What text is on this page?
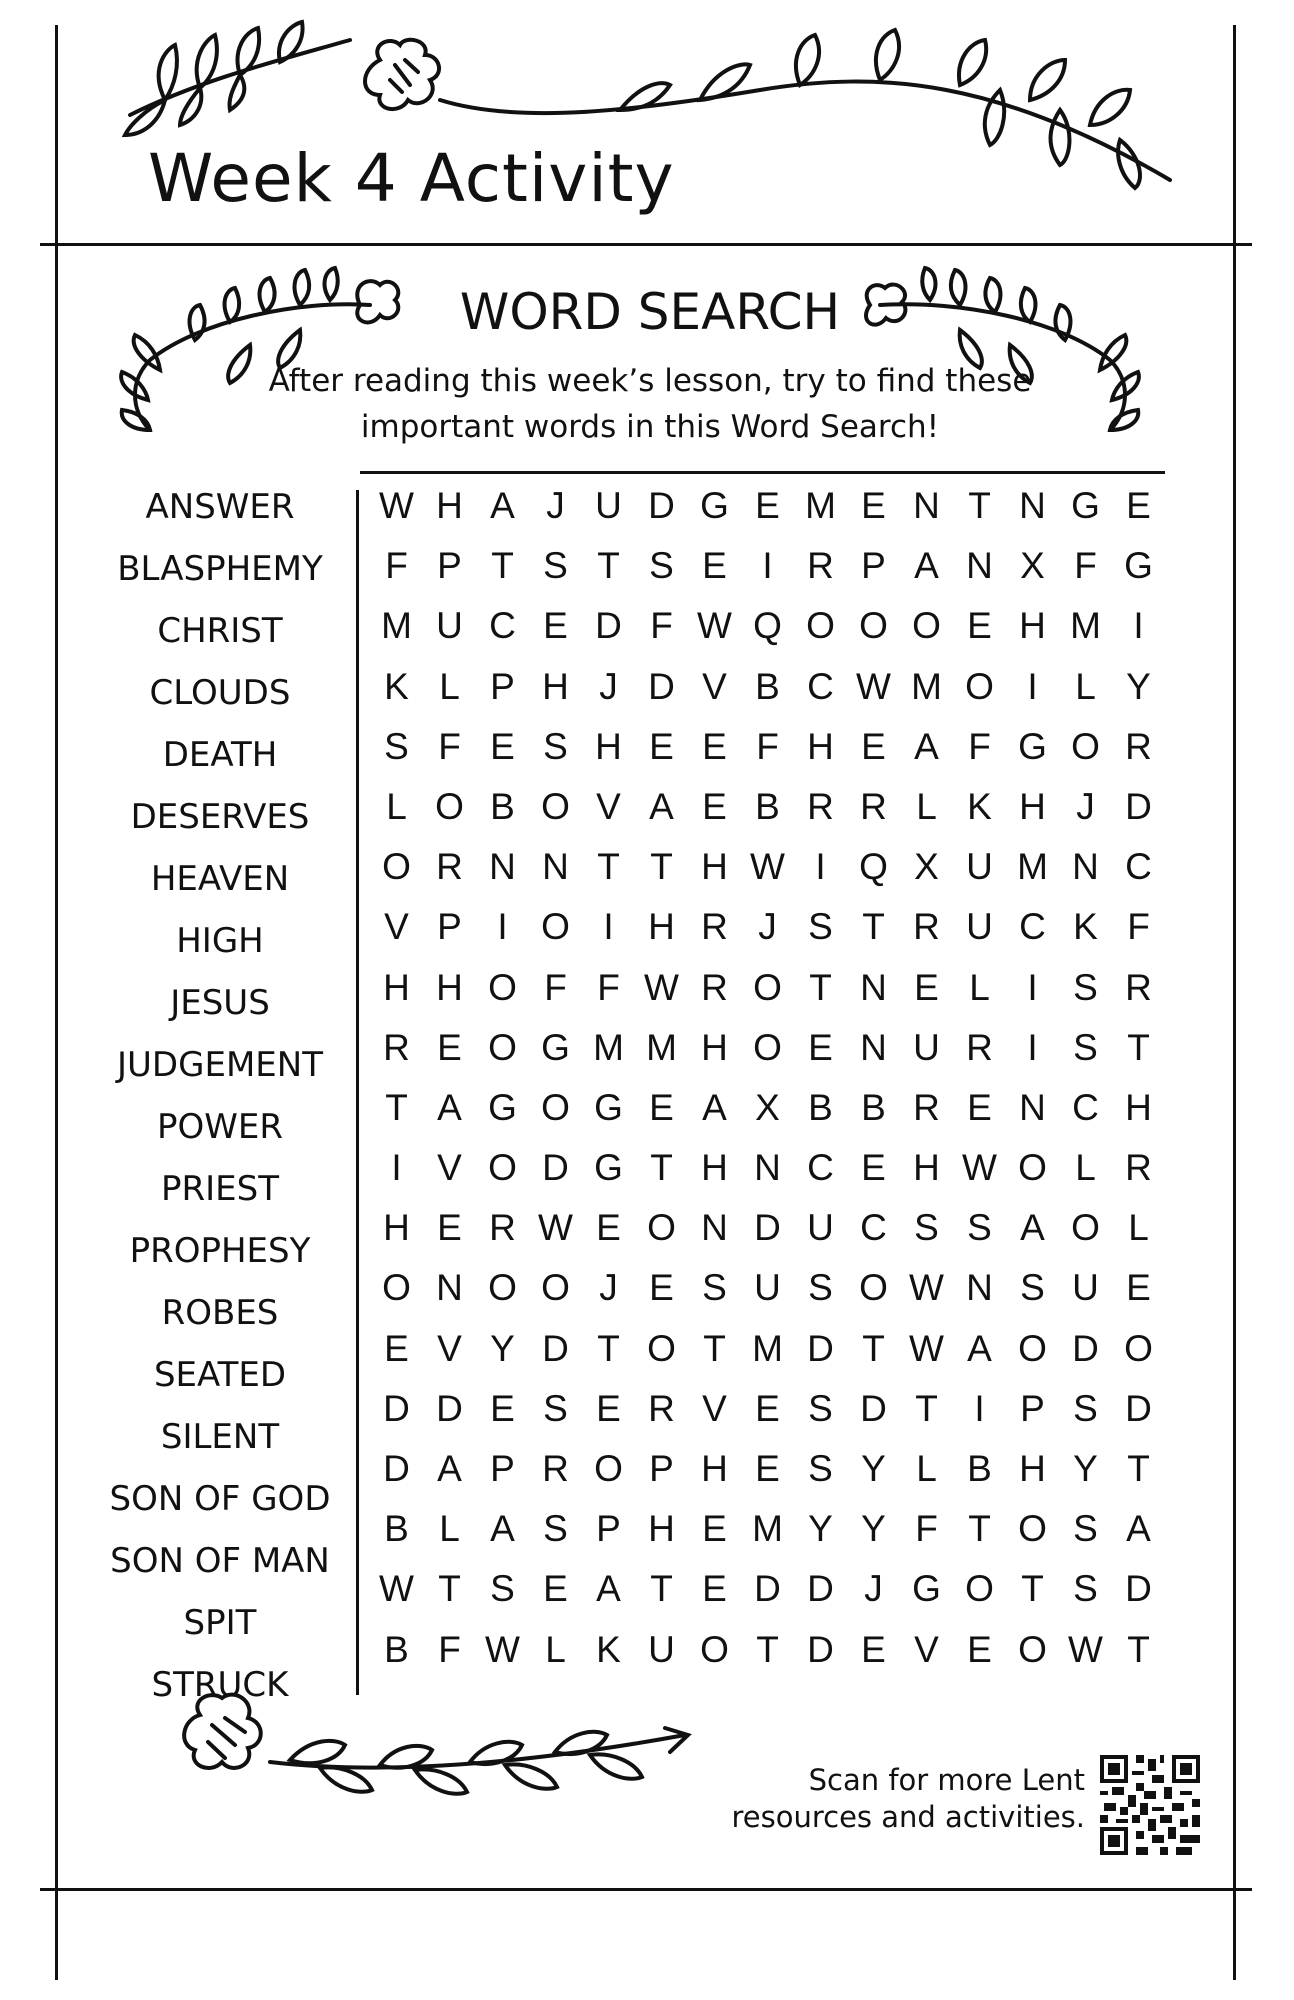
Week 4 Activity
WORD SEARCH
After reading this week’s lesson, try to find these
important words in this Word Search!
ANSWER
BLASPHEMY
CHRIST
CLOUDS
DEATH
DESERVES
HEAVEN
HIGH
JESUS
JUDGEMENT
POWER
PRIEST
PROPHESY
ROBES
SEATED
SILENT
SON OF GOD
SON OF MAN
SPIT
STRUCK
W H A J U D G E M E N T N G E
F P T S T S E I R P A N X F G
M U C E D F W Q O O O E H M I
K L P H J D V B C W M O I	L Y
S F E S H E E F H E A F G O R
L O B O V A E B R R L K H J D
O R N N T T H W I Q X U M N C
V P I O I H R J S T R U C K F
H H O F F W R O T N E L	I S R
R E O G M M H O E N U R I S T
T A G O G E A X B B R E N C H
I V O D G T H N C E H W O L R
H E R W E O N D U C S S A O L
O N O O J E S U S O W N S U E
E V Y D T O T M D T W A O D O
D D E S E R V E S D T I P S D
D A P R O P H E S Y L B H Y T
B L A S P H E M Y Y F T O S A
W T S E A T E D D J G O T S D
B F W L K U O T D E V E O W T
Scan for more Lent
resources and activities.
